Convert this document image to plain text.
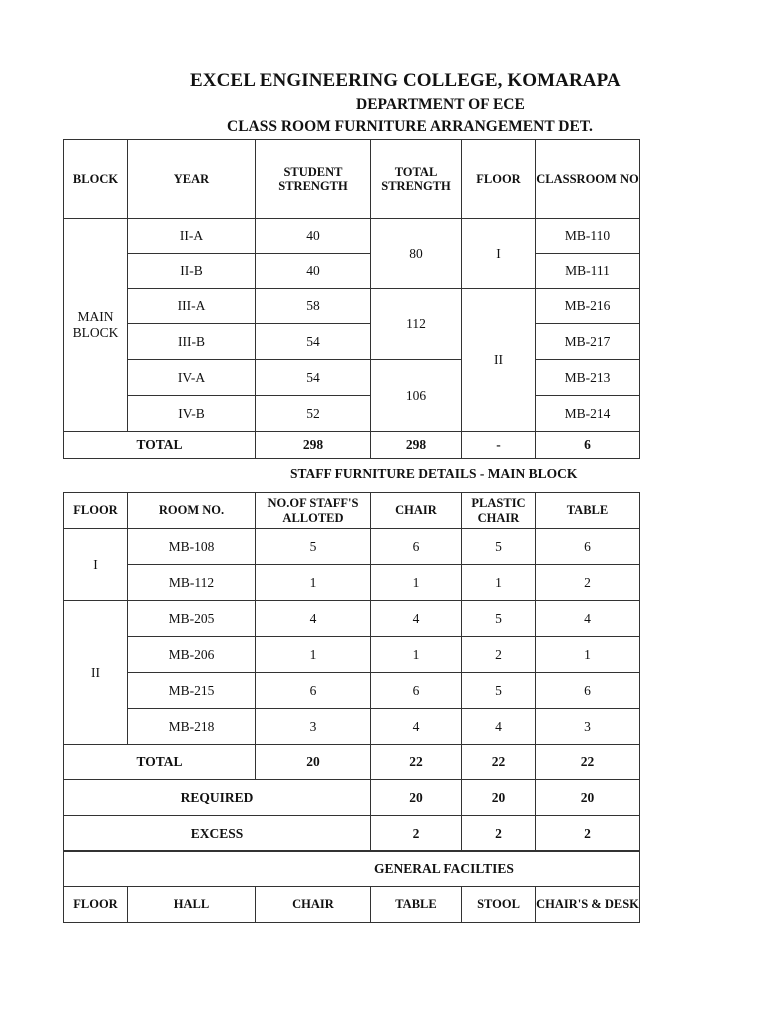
EXCEL ENGINEERING COLLEGE, KOMARAPA
DEPARTMENT OF ECE
CLASS ROOM FURNITURE ARRANGEMENT DET.
BLOCK	YEAR	STUDENT STRENGTH	TOTAL STRENGTH	FLOOR	CLASSROOM NO
MAIN BLOCK	II-A	40	80	I	MB-110
	II-B	40			MB-111
	III-A	58	112	II	MB-216
	III-B	54			MB-217
	IV-A	54	106		MB-213
	IV-B	52			MB-214
TOTAL		298	298	-	6
STAFF FURNITURE DETAILS - MAIN BLOCK
FLOOR	ROOM NO.	NO.OF STAFF'S ALLOTED	CHAIR	PLASTIC CHAIR	TABLE
I	MB-108	5	6	5	6
	MB-112	1	1	1	2
II	MB-205	4	4	5	4
	MB-206	1	1	2	1
	MB-215	6	6	5	6
	MB-218	3	4	4	3
TOTAL		20	22	22	22
REQUIRED			20	20	20
EXCESS			2	2	2
GENERAL FACILTIES
FLOOR	HALL	CHAIR	TABLE	STOOL	CHAIR'S & DESK
